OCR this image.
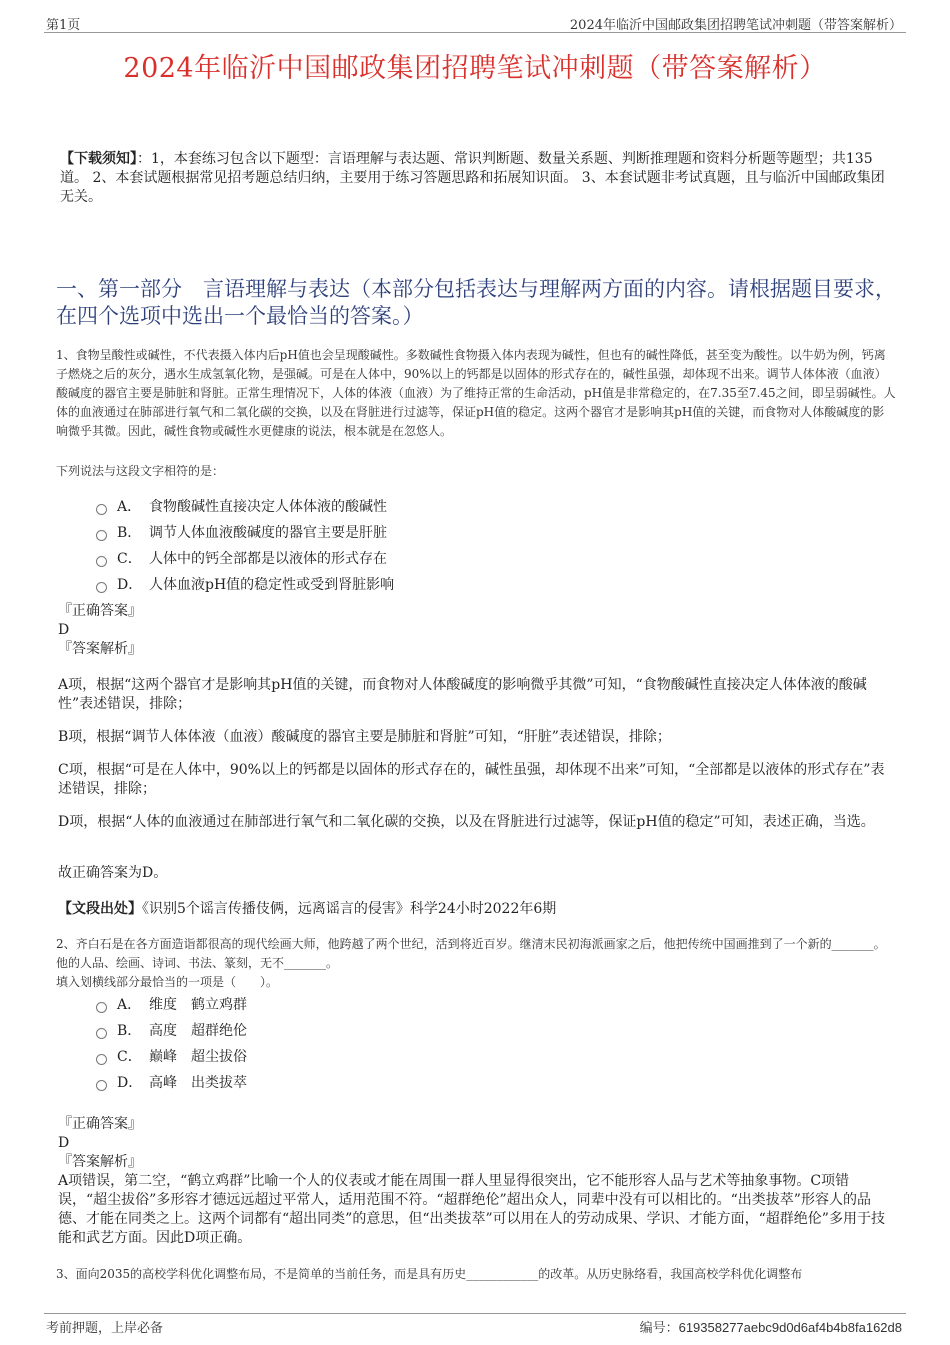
第1页	2024年临沂中国邮政集团招聘笔试冲刺题（带答案解析）
2024年临沂中国邮政集团招聘笔试冲刺题（带答案解析）
【下载须知】：1，本套练习包含以下题型：言语理解与表达题、常识判断题、数量关系题、判断推理题和资料分析题等题型；共135道。 2、本套试题根据常见招考题总结归纳，主要用于练习答题思路和拓展知识面。 3、本套试题非考试真题，且与临沂中国邮政集团无关。
一、第一部分　言语理解与表达（本部分包括表达与理解两方面的内容。请根据题目要求，在四个选项中选出一个最恰当的答案。）
1、食物呈酸性或碱性，不代表摄入体内后pH值也会呈现酸碱性。多数碱性食物摄入体内表现为碱性，但也有的碱性降低，甚至变为酸性。以牛奶为例，钙离子燃烧之后的灰分，遇水生成氢氧化物，是强碱。可是在人体中，90%以上的钙都是以固体的形式存在的，碱性虽强，却体现不出来。调节人体体液（血液）酸碱度的器官主要是肺脏和肾脏。正常生理情况下，人体的体液（血液）为了维持正常的生命活动，pH值是非常稳定的，在7.35至7.45之间，即呈弱碱性。人体的血液通过在肺部进行氧气和二氧化碳的交换，以及在肾脏进行过滤等，保证pH值的稳定。这两个器官才是影响其pH值的关键，而食物对人体酸碱度的影响微乎其微。因此，碱性食物或碱性水更健康的说法，根本就是在忽悠人。
下列说法与这段文字相符的是：
A． 食物酸碱性直接决定人体体液的酸碱性
B． 调节人体血液酸碱度的器官主要是肝脏
C． 人体中的钙全部都是以液体的形式存在
D． 人体血液pH值的稳定性或受到肾脏影响
『正确答案』
D
『答案解析』
A项，根据“这两个器官才是影响其pH值的关键，而食物对人体酸碱度的影响微乎其微”可知，“食物酸碱性直接决定人体体液的酸碱性”表述错误，排除；
B项，根据“调节人体体液（血液）酸碱度的器官主要是肺脏和肾脏”可知，“肝脏”表述错误，排除；
C项，根据“可是在人体中，90%以上的钙都是以固体的形式存在的，碱性虽强，却体现不出来”可知，“全部都是以液体的形式存在”表述错误，排除；
D项，根据“人体的血液通过在肺部进行氧气和二氧化碳的交换，以及在肾脏进行过滤等，保证pH值的稳定”可知，表述正确，当选。
故正确答案为D。
【文段出处】《识别5个谣言传播伎俩，远离谣言的侵害》科学24小时2022年6期
2、齐白石是在各方面造诣都很高的现代绘画大师，他跨越了两个世纪，活到将近百岁。继清末民初海派画家之后，他把传统中国画推到了一个新的_______。他的人品、绘画、诗词、书法、篆刻，无不_______。
填入划横线部分最恰当的一项是（　　）。
A． 维度　鹤立鸡群
B． 高度　超群绝伦
C． 巅峰　超尘拔俗
D． 高峰　出类拔萃
『正确答案』
D
『答案解析』
A项错误，第二空，“鹤立鸡群”比喻一个人的仪表或才能在周围一群人里显得很突出，它不能形容人品与艺术等抽象事物。C项错误，“超尘拔俗”多形容才德远远超过平常人，适用范围不符。“超群绝伦”超出众人，同辈中没有可以相比的。“出类拔萃”形容人的品德、才能在同类之上。这两个词都有“超出同类”的意思，但“出类拔萃”可以用在人的劳动成果、学识、才能方面，“超群绝伦”多用于技能和武艺方面。因此D项正确。
3、面向2035的高校学科优化调整布局，不是简单的当前任务，而是具有历史____________的改革。从历史脉络看，我国高校学科优化调整布
考前押题，上岸必备	编号：619358277aebc9d0d6af4b4b8fa162d8
